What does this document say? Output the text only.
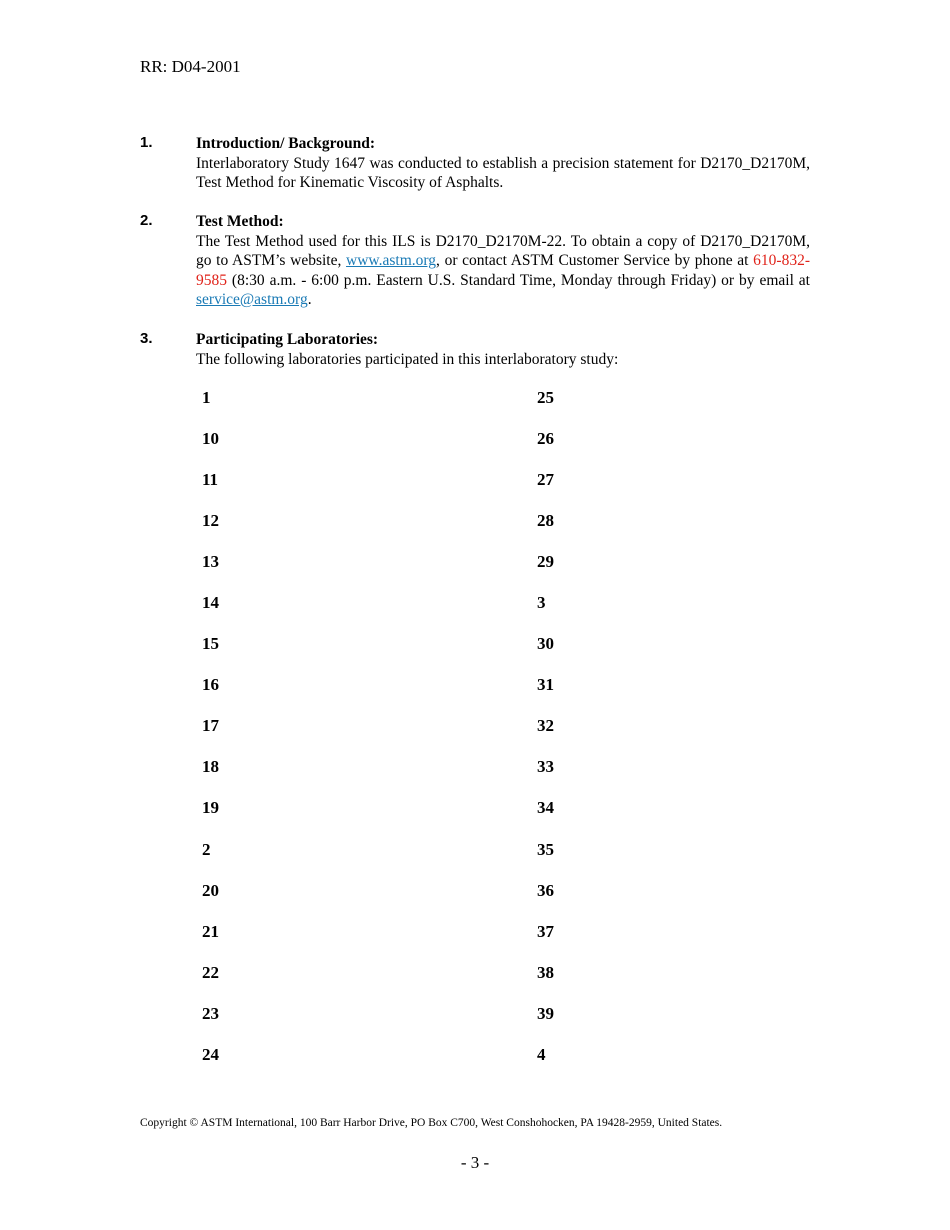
RR: D04-2001
1.	Introduction/ Background:
Interlaboratory Study 1647 was conducted to establish a precision statement for D2170_D2170M, Test Method for Kinematic Viscosity of Asphalts.
2.	Test Method:
The Test Method used for this ILS is D2170_D2170M-22. To obtain a copy of D2170_D2170M, go to ASTM’s website, www.astm.org, or contact ASTM Customer Service by phone at 610-832-9585 (8:30 a.m. - 6:00 p.m. Eastern U.S. Standard Time, Monday through Friday) or by email at service@astm.org.
3.	Participating Laboratories:
The following laboratories participated in this interlaboratory study:
1	25
10	26
11	27
12	28
13	29
14	3
15	30
16	31
17	32
18	33
19	34
2	35
20	36
21	37
22	38
23	39
24	4
Copyright © ASTM International, 100 Barr Harbor Drive, PO Box C700, West Conshohocken, PA 19428-2959, United States.
- 3 -
